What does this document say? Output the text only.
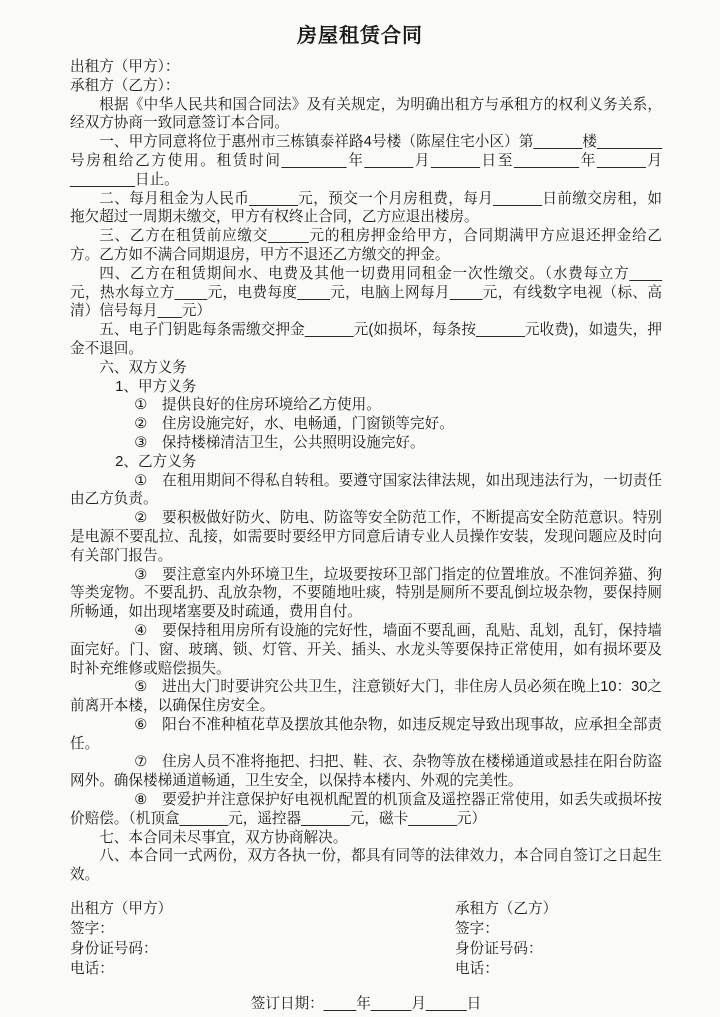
房屋租赁合同

出租方（甲方）：

承租方（乙方）：

根据《中华人民共和国合同法》及有关规定，为明确出租方与承租方的权利义务关系，经双方协商一致同意签订本合同。

一、甲方同意将位于惠州市三栋镇泰祥路4号楼（陈屋住宅小区）第______楼________号房租给乙方使用。租赁时间________年______月______日至________年______月________日止。

二、每月租金为人民币______元，预交一个月房租费，每月______日前缴交房租，如拖欠超过一周期未缴交，甲方有权终止合同，乙方应退出楼房。

三、乙方在租赁前应缴交_____元的租房押金给甲方，合同期满甲方应退还押金给乙方。乙方如不满合同期退房，甲方不退还乙方缴交的押金。

四、乙方在租赁期间水、电费及其他一切费用同租金一次性缴交。（水费每立方____元，热水每立方____元，电费每度____元，电脑上网每月____元，有线数字电视（标、高清）信号每月___元）

五、电子门钥匙每条需缴交押金______元(如损坏，每条按______元收费)，如遗失，押金不退回。

六、双方义务

1、甲方义务

①　提供良好的住房环境给乙方使用。

②　住房设施完好，水、电畅通，门窗锁等完好。

③　保持楼梯清洁卫生，公共照明设施完好。

2、乙方义务

①　在租用期间不得私自转租。要遵守国家法律法规，如出现违法行为，一切责任由乙方负责。

②　要积极做好防火、防电、防盗等安全防范工作，不断提高安全防范意识。特别是电源不要乱拉、乱接，如需要时要经甲方同意后请专业人员操作安装，发现问题应及时向有关部门报告。

③　要注意室内外环境卫生，垃圾要按环卫部门指定的位置堆放。不准饲养猫、狗等类宠物。不要乱扔、乱放杂物，不要随地吐痰，特别是厕所不要乱倒垃圾杂物，要保持厕所畅通，如出现堵塞要及时疏通，费用自付。

④　要保持租用房所有设施的完好性，墙面不要乱画，乱贴、乱划，乱钉，保持墙面完好。门、窗、玻璃、锁、灯管、开关、插头、水龙头等要保持正常使用，如有损坏要及时补充维修或赔偿损失。

⑤　进出大门时要讲究公共卫生，注意锁好大门，非住房人员必须在晚上10：30之前离开本楼，以确保住房安全。

⑥　阳台不准种植花草及摆放其他杂物，如违反规定导致出现事故，应承担全部责任。

⑦　住房人员不准将拖把、扫把、鞋、衣、杂物等放在楼梯通道或悬挂在阳台防盗网外。确保楼梯通道畅通，卫生安全，以保持本楼内、外观的完美性。

⑧　要爱护并注意保护好电视机配置的机顶盒及遥控器正常使用，如丢失或损坏按价赔偿。（机顶盒______元，遥控器______元，磁卡______元）

七、本合同未尽事宜，双方协商解决。

八、本合同一式两份，双方各执一份，都具有同等的法律效力，本合同自签订之日起生效。

出租方（甲方）

签字：

身份证号码：

电话：

承租方（乙方）

签字：

身份证号码：

电话：

签订日期：____年_____月_____日
